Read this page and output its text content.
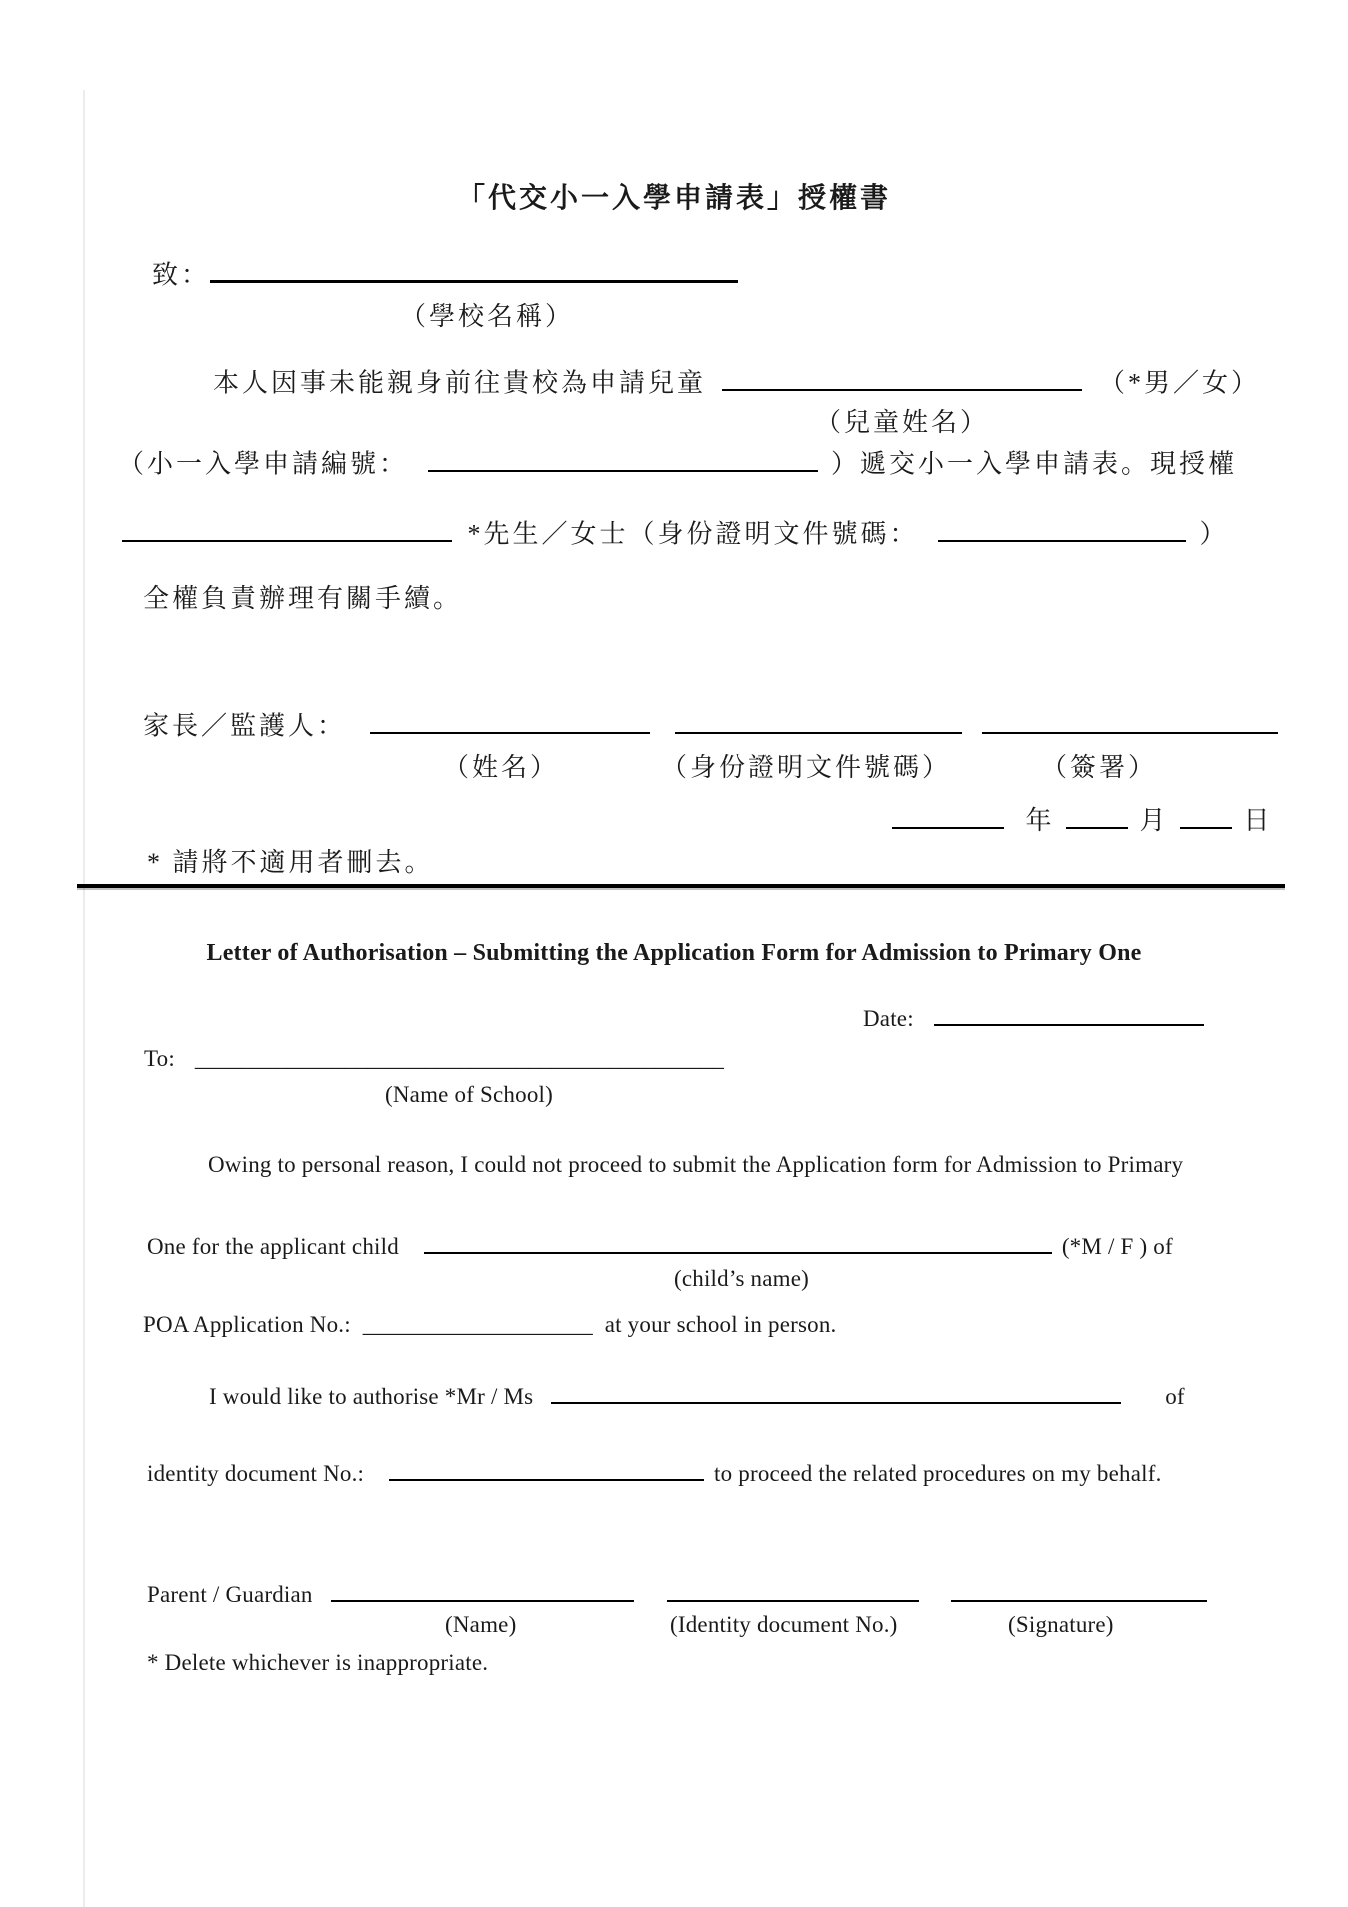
「代交小一入學申請表」授權書
致：
（學校名稱）
本人因事未能親身前往貴校為申請兒童	（*男／女）
（兒童姓名）
（小一入學申請編號：	）遞交小一入學申請表。現授權
*先生／女士（身份證明文件號碼：	）
全權負責辦理有關手續。
家長／監護人：
（姓名）	（身份證明文件號碼）	（簽署）
年	月	日
* 請將不適用者刪去。
Letter of Authorisation – Submitting the Application Form for Admission to Primary One
Date:
To: ______________________________________________
(Name of School)
Owing to personal reason, I could not proceed to submit the Application form for Admission to Primary
One for the applicant child	(*M / F ) of
(child’s name)
POA Application No.: ____________________ at your school in person.
I would like to authorise *Mr / Ms	of
identity document No.:	to proceed the related procedures on my behalf.
Parent / Guardian
(Name)	(Identity document No.)	(Signature)
* Delete whichever is inappropriate.
